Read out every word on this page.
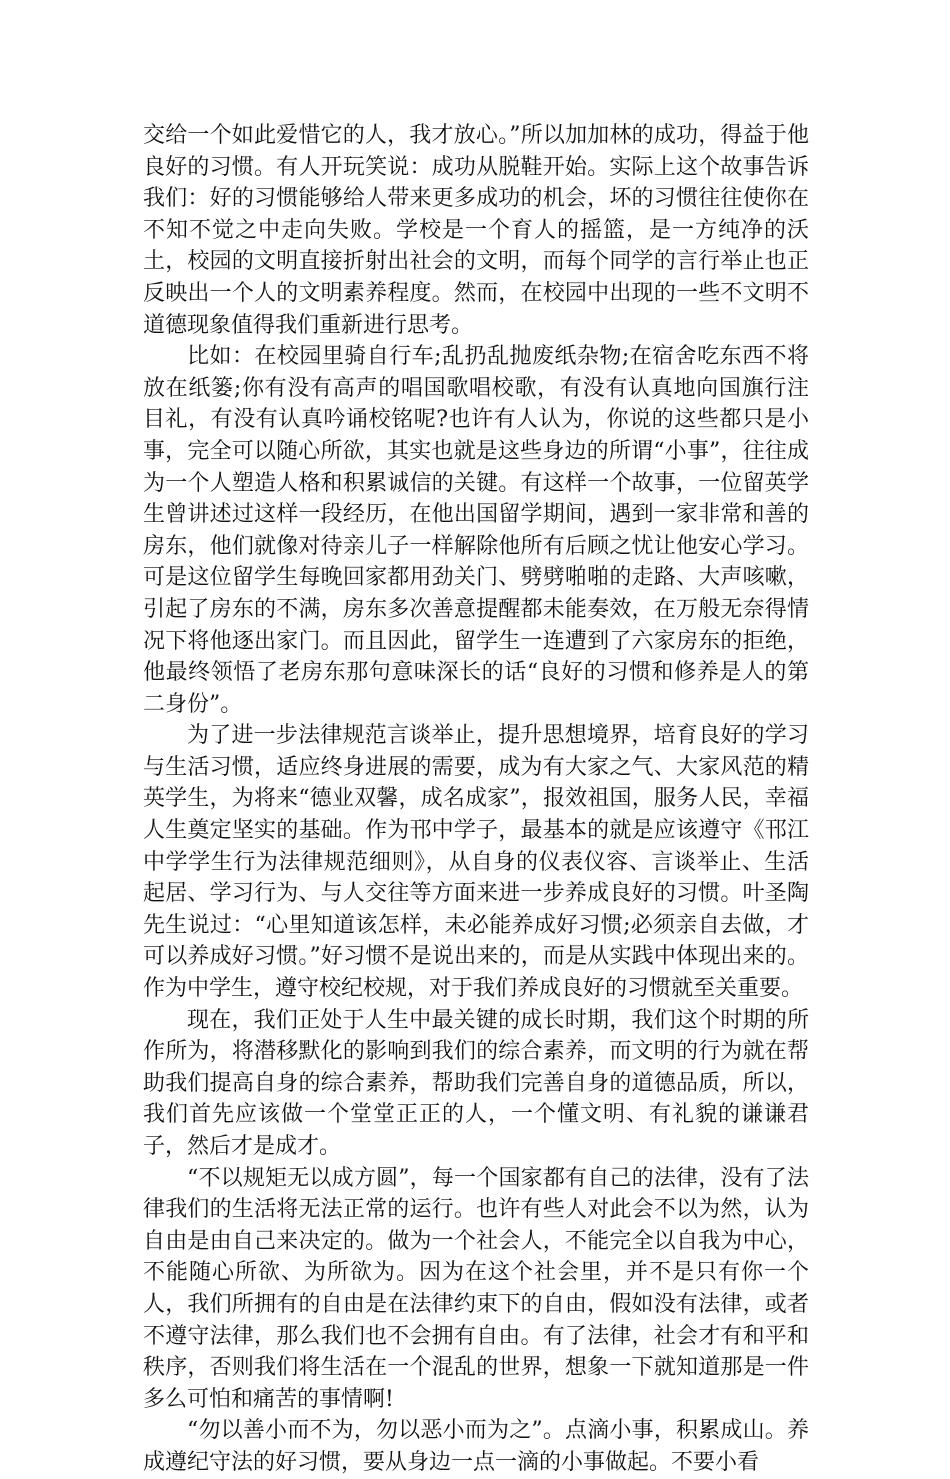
交给一个如此爱惜它的人，我才放心。”所以加加林的成功，得益于他良好的习惯。有人开玩笑说：成功从脱鞋开始。实际上这个故事告诉我们：好的习惯能够给人带来更多成功的机会，坏的习惯往往使你在不知不觉之中走向失败。学校是一个育人的摇篮，是一方纯净的沃土，校园的文明直接折射出社会的文明，而每个同学的言行举止也正反映出一个人的文明素养程度。然而，在校园中出现的一些不文明不道德现象值得我们重新进行思考。

比如：在校园里骑自行车;乱扔乱抛废纸杂物;在宿舍吃东西不将放在纸篓;你有没有高声的唱国歌唱校歌，有没有认真地向国旗行注目礼，有没有认真吟诵校铭呢?也许有人认为，你说的这些都只是小事，完全可以随心所欲，其实也就是这些身边的所谓“小事”，往往成为一个人塑造人格和积累诚信的关键。有这样一个故事，一位留英学生曾讲述过这样一段经历，在他出国留学期间，遇到一家非常和善的房东，他们就像对待亲儿子一样解除他所有后顾之忧让他安心学习。可是这位留学生每晚回家都用劲关门、劈劈啪啪的走路、大声咳嗽，引起了房东的不满，房东多次善意提醒都未能奏效，在万般无奈得情况下将他逐出家门。而且因此，留学生一连遭到了六家房东的拒绝，他最终领悟了老房东那句意味深长的话“良好的习惯和修养是人的第二身份”。

为了进一步法律规范言谈举止，提升思想境界，培育良好的学习与生活习惯，适应终身进展的需要，成为有大家之气、大家风范的精英学生，为将来“德业双馨，成名成家”，报效祖国，服务人民，幸福人生奠定坚实的基础。作为邗中学子，最基本的就是应该遵守《邗江中学学生行为法律规范细则》，从自身的仪表仪容、言谈举止、生活起居、学习行为、与人交往等方面来进一步养成良好的习惯。叶圣陶先生说过：“心里知道该怎样，未必能养成好习惯;必须亲自去做，才可以养成好习惯。”好习惯不是说出来的，而是从实践中体现出来的。作为中学生，遵守校纪校规，对于我们养成良好的习惯就至关重要。

现在，我们正处于人生中最关键的成长时期，我们这个时期的所作所为，将潜移默化的影响到我们的综合素养，而文明的行为就在帮助我们提高自身的综合素养，帮助我们完善自身的道德品质，所以，我们首先应该做一个堂堂正正的人，一个懂文明、有礼貌的谦谦君子，然后才是成才。

“不以规矩无以成方圆”，每一个国家都有自己的法律，没有了法律我们的生活将无法正常的运行。也许有些人对此会不以为然，认为自由是由自己来决定的。做为一个社会人，不能完全以自我为中心，不能随心所欲、为所欲为。因为在这个社会里，并不是只有你一个人，我们所拥有的自由是在法律约束下的自由，假如没有法律，或者不遵守法律，那么我们也不会拥有自由。有了法律，社会才有和平和秩序，否则我们将生活在一个混乱的世界，想象一下就知道那是一件多么可怕和痛苦的事情啊!

“勿以善小而不为，勿以恶小而为之”。点滴小事，积累成山。养成遵纪守法的好习惯，要从身边一点一滴的小事做起。不要小看
